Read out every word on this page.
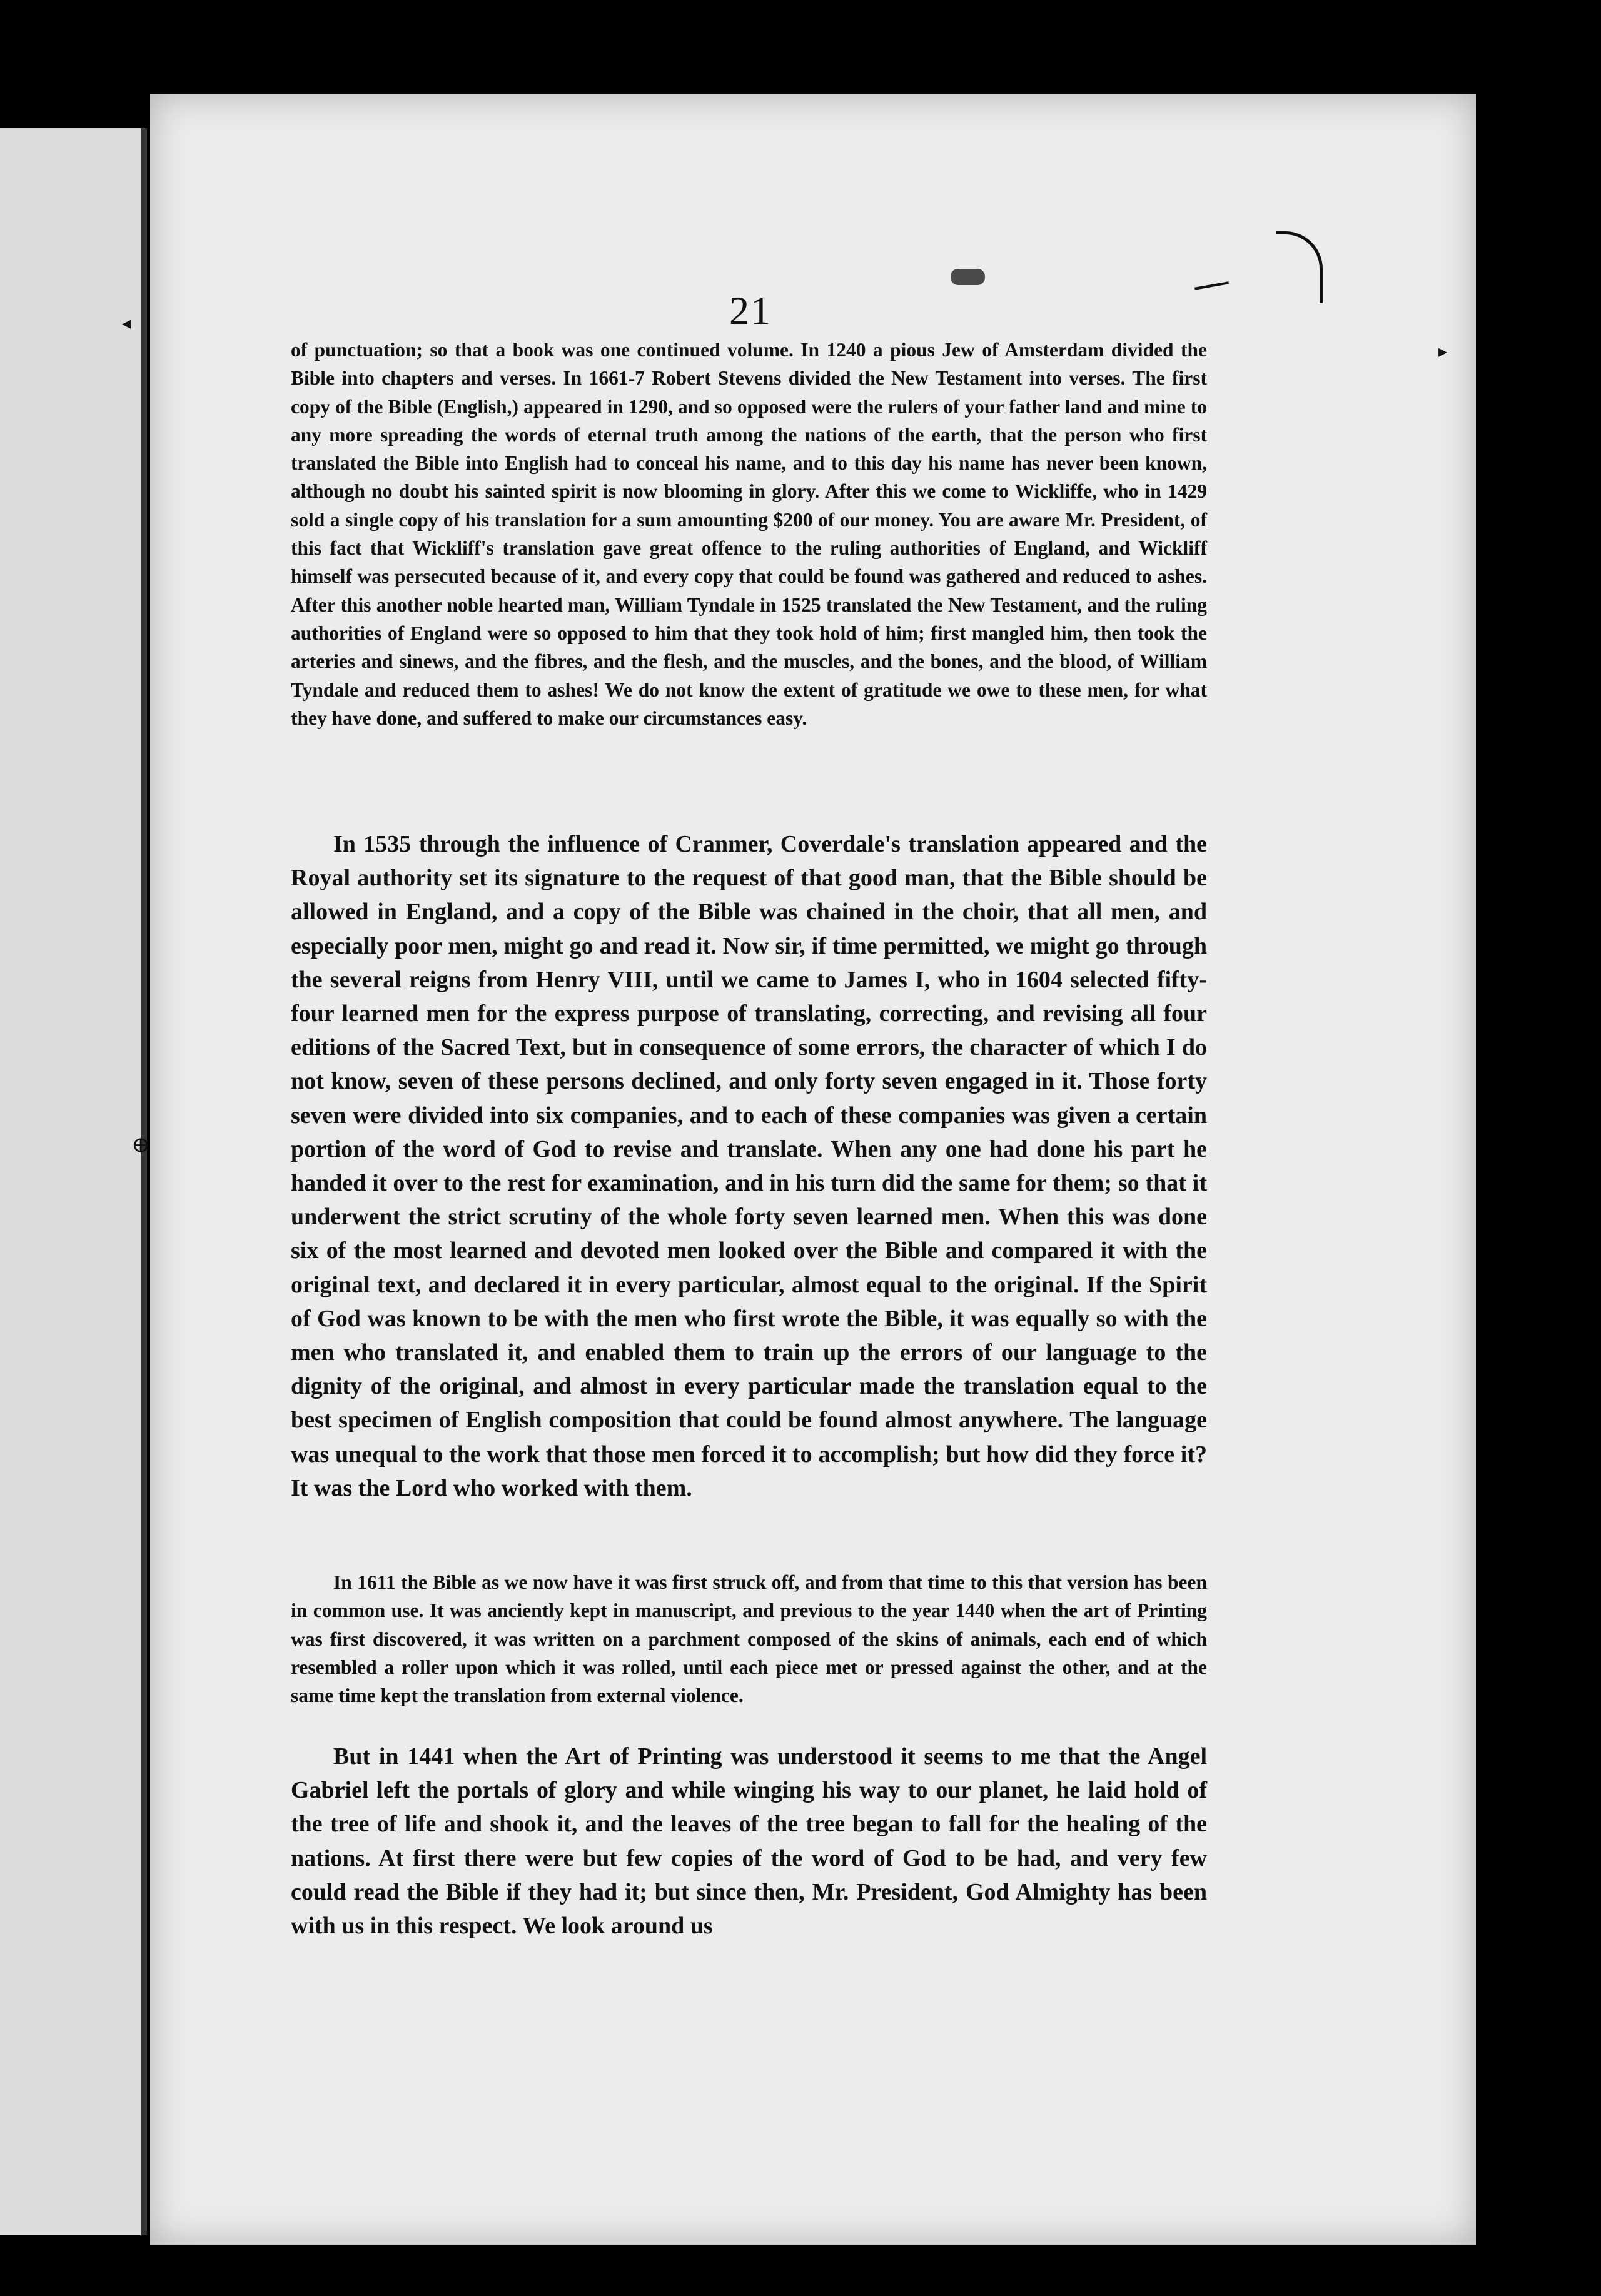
◂
▸
⊕
21

of punctuation; so that a book was one continued volume. In 1240 a pious Jew of Amsterdam divided the Bible into chapters and verses. In 1661-7 Robert Stevens divided the New Testament into verses. The first copy of the Bible (English,) appeared in 1290, and so opposed were the rulers of your father land and mine to any more spreading the words of eternal truth among the nations of the earth, that the person who first translated the Bible into English had to conceal his name, and to this day his name has never been known, although no doubt his sainted spirit is now blooming in glory. After this we come to Wickliffe, who in 1429 sold a single copy of his translation for a sum amounting $200 of our money. You are aware Mr. President, of this fact that Wickliff's translation gave great offence to the ruling authorities of England, and Wickliff himself was persecuted because of it, and every copy that could be found was gathered and reduced to ashes. After this another noble hearted man, William Tyndale in 1525 translated the New Testament, and the ruling authorities of England were so opposed to him that they took hold of him; first mangled him, then took the arteries and sinews, and the fibres, and the flesh, and the muscles, and the bones, and the blood, of William Tyndale and reduced them to ashes! We do not know the extent of gratitude we owe to these men, for what they have done, and suffered to make our circumstances easy.

In 1535 through the influence of Cranmer, Coverdale's translation appeared and the Royal authority set its signature to the request of that good man, that the Bible should be allowed in England, and a copy of the Bible was chained in the choir, that all men, and especially poor men, might go and read it. Now sir, if time permitted, we might go through the several reigns from Henry VIII, until we came to James I, who in 1604 selected fifty-four learned men for the express purpose of translating, correcting, and revising all four editions of the Sacred Text, but in consequence of some errors, the character of which I do not know, seven of these persons declined, and only forty seven engaged in it. Those forty seven were divided into six companies, and to each of these companies was given a certain portion of the word of God to revise and translate. When any one had done his part he handed it over to the rest for examination, and in his turn did the same for them; so that it underwent the strict scrutiny of the whole forty seven learned men. When this was done six of the most learned and devoted men looked over the Bible and compared it with the original text, and declared it in every particular, almost equal to the original. If the Spirit of God was known to be with the men who first wrote the Bible, it was equally so with the men who translated it, and enabled them to train up the errors of our language to the dignity of the original, and almost in every particular made the translation equal to the best specimen of English composition that could be found almost anywhere. The language was unequal to the work that those men forced it to accomplish; but how did they force it? It was the Lord who worked with them.

In 1611 the Bible as we now have it was first struck off, and from that time to this that version has been in common use. It was anciently kept in manuscript, and previous to the year 1440 when the art of Printing was first discovered, it was written on a parchment composed of the skins of animals, each end of which resembled a roller upon which it was rolled, until each piece met or pressed against the other, and at the same time kept the translation from external violence.

But in 1441 when the Art of Printing was understood it seems to me that the Angel Gabriel left the portals of glory and while winging his way to our planet, he laid hold of the tree of life and shook it, and the leaves of the tree began to fall for the healing of the nations. At first there were but few copies of the word of God to be had, and very few could read the Bible if they had it; but since then, Mr. President, God Almighty has been with us in this respect. We look around us
